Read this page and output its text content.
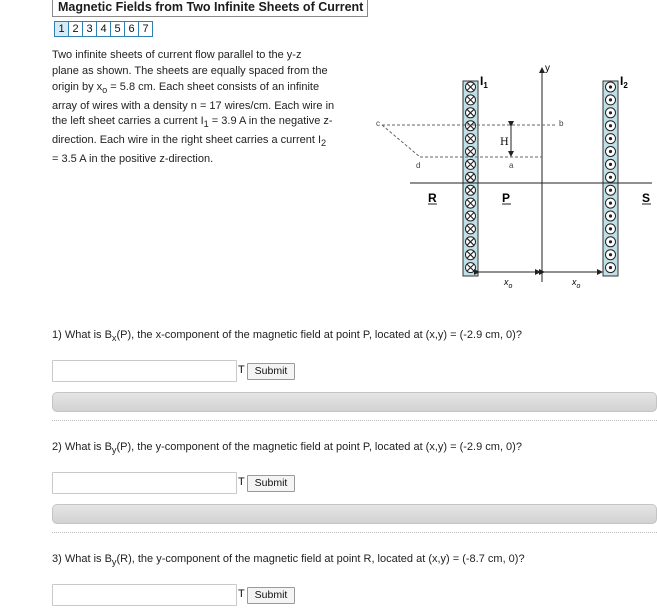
Magnetic Fields from Two Infinite Sheets of Current
1 2 3 4 5 6 7
Two infinite sheets of current flow parallel to the y-z
plane as shown. The sheets are equally spaced from the
origin by $x_o = 5.8$ cm. Each sheet consists of an infinite
array of wires with a density n = 17 wires/cm. Each wire in
the left sheet carries a current $I_1 = 3.9$ A in the negative z-
direction. Each wire in the right sheet carries a current $I_2$
= 3.5 A in the positive z-direction.
y
c	b
d	a
H
$I_1$	$I_2$
R	P	S
$x_o$	$x_o$
1) What is $B_x(P)$, the x-component of the magnetic field at point P, located at (x,y) = (-2.9 cm, 0)?
T Submit
2) What is $B_y(P)$, the y-component of the magnetic field at point P, located at (x,y) = (-2.9 cm, 0)?
T Submit
3) What is $B_y(R)$, the y-component of the magnetic field at point R, located at (x,y) = (-8.7 cm, 0)?
T Submit
